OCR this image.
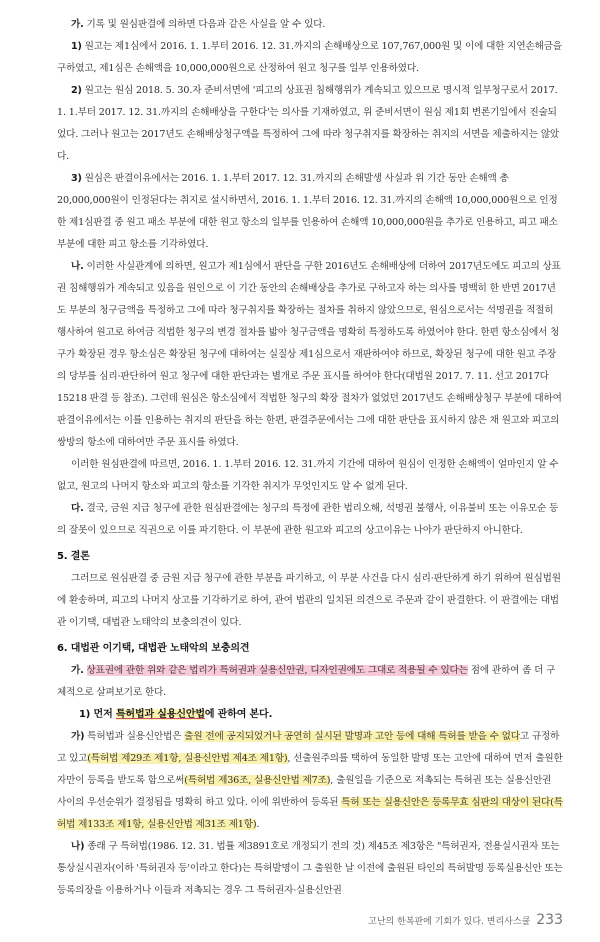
가. 기록 및 원심판결에 의하면 다음과 같은 사실을 알 수 있다.

1) 원고는 제1심에서 2016. 1. 1.부터 2016. 12. 31.까지의 손해배상으로 107,767,000원 및 이에 대한 지연손해금을 구하였고, 제1심은 손해액을 10,000,000원으로 산정하여 원고 청구를 일부 인용하였다.

2) 원고는 원심 2018. 5. 30.자 준비서면에 '피고의 상표권 침해행위가 계속되고 있으므로 명시적 일부청구로서 2017. 1. 1.부터 2017. 12. 31.까지의 손해배상을 구한다'는 의사를 기재하였고, 위 준비서면이 원심 제1회 변론기일에서 진술되었다. 그러나 원고는 2017년도 손해배상청구액을 특정하여 그에 따라 청구취지를 확장하는 취지의 서면을 제출하지는 않았다.

3) 원심은 판결이유에서는 2016. 1. 1.부터 2017. 12. 31.까지의 손해발생 사실과 위 기간 동안 손해액 총 20,000,000원이 인정된다는 취지로 설시하면서, 2016. 1. 1.부터 2016. 12. 31.까지의 손해액 10,000,000원으로 인정한 제1심판결 중 원고 패소 부분에 대한 원고 항소의 일부를 인용하여 손해액 10,000,000원을 추가로 인용하고, 피고 패소 부분에 대한 피고 항소를 기각하였다.

나. 이러한 사실관계에 의하면, 원고가 제1심에서 판단을 구한 2016년도 손해배상에 더하여 2017년도에도 피고의 상표권 침해행위가 계속되고 있음을 원인으로 이 기간 동안의 손해배상을 추가로 구하고자 하는 의사를 명백히 한 반면 2017년도 부분의 청구금액을 특정하고 그에 따라 청구취지를 확장하는 절차를 취하지 않았으므로, 원심으로서는 석명권을 적절히 행사하여 원고로 하여금 적법한 청구의 변경 절차를 밟아 청구금액을 명확히 특정하도록 하였어야 한다. 한편 항소심에서 청구가 확장된 경우 항소심은 확장된 청구에 대하여는 실질상 제1심으로서 재판하여야 하므로, 확장된 청구에 대한 원고 주장의 당부를 심리·판단하여 원고 청구에 대한 판단과는 별개로 주문 표시를 하여야 한다(대법원 2017. 7. 11. 선고 2017다15218 판결 등 참조). 그런데 원심은 항소심에서 적법한 청구의 확장 절차가 없었던 2017년도 손해배상청구 부분에 대하여 판결이유에서는 이를 인용하는 취지의 판단을 하는 한편, 판결주문에서는 그에 대한 판단을 표시하지 않은 채 원고와 피고의 쌍방의 항소에 대하여만 주문 표시를 하였다.

이러한 원심판결에 따르면, 2016. 1. 1.부터 2016. 12. 31.까지 기간에 대하여 원심이 인정한 손해액이 얼마인지 알 수 없고, 원고의 나머지 항소와 피고의 항소를 기각한 취지가 무엇인지도 알 수 없게 된다.

다. 결국, 금원 지급 청구에 관한 원심판결에는 청구의 특정에 관한 법리오해, 석명권 불행사, 이유불비 또는 이유모순 등의 잘못이 있으므로 직권으로 이를 파기한다. 이 부분에 관한 원고와 피고의 상고이유는 나아가 판단하지 아니한다.

5. 결론

그러므로 원심판결 중 금원 지급 청구에 관한 부분을 파기하고, 이 부분 사건을 다시 심리·판단하게 하기 위하여 원심법원에 환송하며, 피고의 나머지 상고를 기각하기로 하여, 관여 법관의 일치된 의견으로 주문과 같이 판결한다. 이 판결에는 대법관 이기택, 대법관 노태악의 보충의견이 있다.

6. 대법관 이기택, 대법관 노태악의 보충의견

가. 상표권에 관한 위와 같은 법리가 특허권과 실용신안권, 디자인권에도 그대로 적용될 수 있다는 점에 관하여 좀 더 구체적으로 살펴보기로 한다.

1) 먼저 특허법과 실용신안법에 관하여 본다.

가) 특허법과 실용신안법은 출원 전에 공지되었거나 공연히 실시된 발명과 고안 등에 대해 특허를 받을 수 없다고 규정하고 있고(특허법 제29조 제1항, 실용신안법 제4조 제1항), 선출원주의를 택하여 동일한 발명 또는 고안에 대하여 먼저 출원한 자만이 등록을 받도록 함으로써(특허법 제36조, 실용신안법 제7조), 출원일을 기준으로 저촉되는 특허권 또는 실용신안권 사이의 우선순위가 결정됨을 명확히 하고 있다. 이에 위반하여 등록된 특허 또는 실용신안은 등록무효 심판의 대상이 된다(특허법 제133조 제1항, 실용신안법 제31조 제1항).

나) 종래 구 특허법(1986. 12. 31. 법률 제3891호로 개정되기 전의 것) 제45조 제3항은 "특허권자, 전용실시권자 또는 통상실시권자(이하 '특허권자 등'이라고 한다)는 특허발명이 그 출원한 날 이전에 출원된 타인의 특허발명 등록실용신안 또는 등록의장을 이용하거나 이들과 저촉되는 경우 그 특허권자·실용신안권

고난의 한복판에 기회가 있다. 변리사스쿨 233
